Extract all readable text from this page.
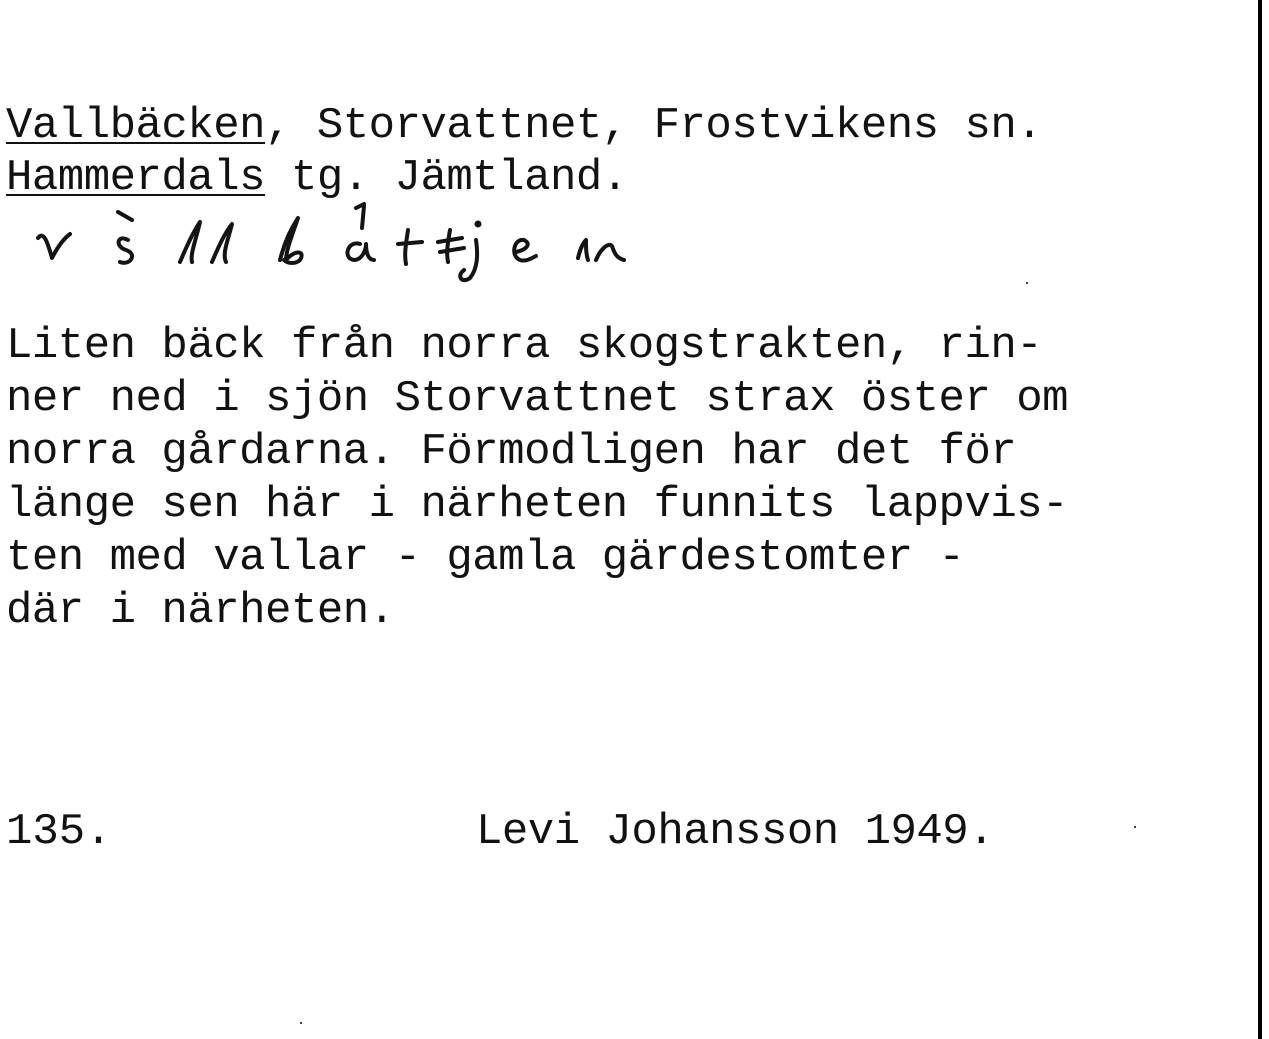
Vallbäcken, Storvattnet, Frostvikens sn.
Hammerdals tg. Jämtland.
Liten bäck från norra skogstrakten, rin-
ner ned i sjön Storvattnet strax öster om
norra gårdarna. Förmodligen har det för
länge sen här i närheten funnits lappvis-
ten med vallar - gamla gärdestomter -
där i närheten.
135.	Levi Johansson 1949.
